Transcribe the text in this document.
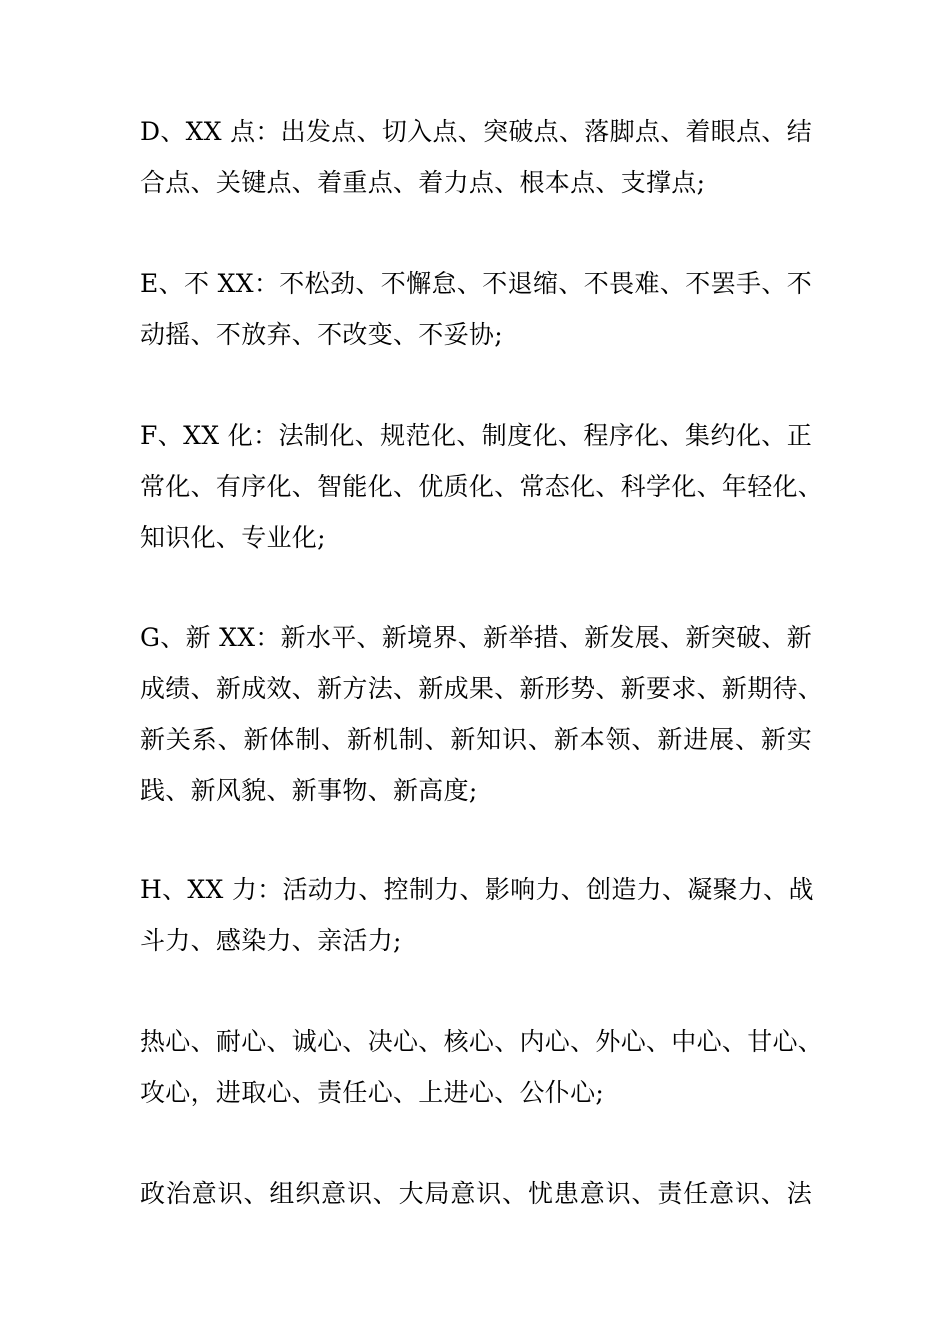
D、XX 点：出发点、切入点、突破点、落脚点、着眼点、结
合点、关键点、着重点、着力点、根本点、支撑点;
E、不 XX：不松劲、不懈怠、不退缩、不畏难、不罢手、不
动摇、不放弃、不改变、不妥协;
F、XX 化：法制化、规范化、制度化、程序化、集约化、正
常化、有序化、智能化、优质化、常态化、科学化、年轻化、
知识化、专业化;
G、新 XX：新水平、新境界、新举措、新发展、新突破、新
成绩、新成效、新方法、新成果、新形势、新要求、新期待、
新关系、新体制、新机制、新知识、新本领、新进展、新实
践、新风貌、新事物、新高度;
H、XX 力：活动力、控制力、影响力、创造力、凝聚力、战
斗力、感染力、亲活力;
热心、耐心、诚心、决心、核心、内心、外心、中心、甘心、
攻心，进取心、责任心、上进心、公仆心;
政治意识、组织意识、大局意识、忧患意识、责任意识、法
